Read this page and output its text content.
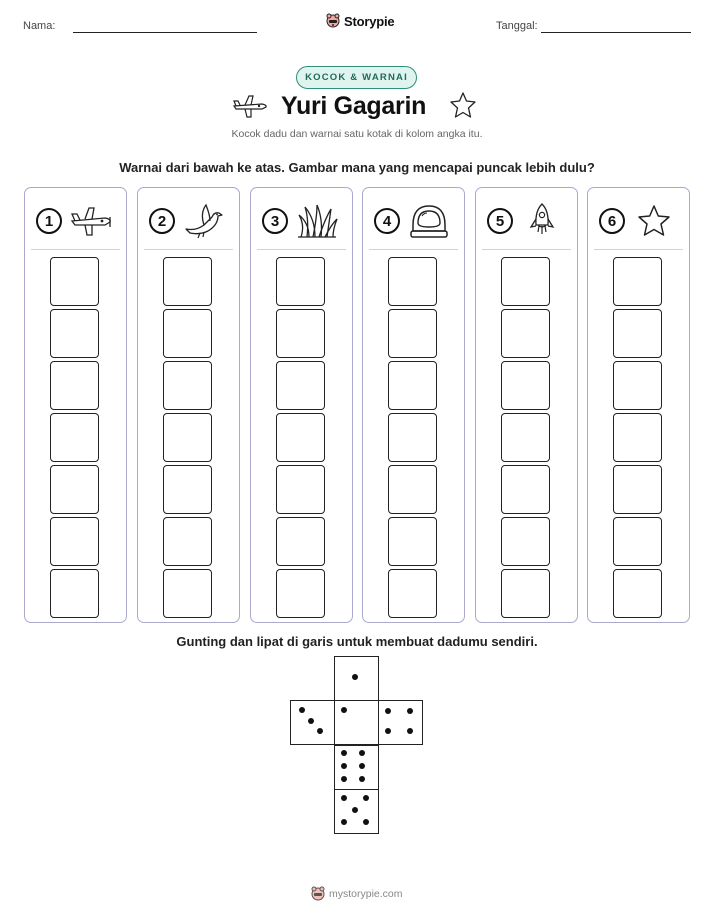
Nama:	Storypie	Tanggal:
KOCOK & WARNAI
Yuri Gagarin
Kocok dadu dan warnai satu kotak di kolom angka itu.
Warnai dari bawah ke atas. Gambar mana yang mencapai puncak lebih dulu?
1	2	3	4	5	6
Gunting dan lipat di garis untuk membuat dadumu sendiri.
mystorypie.com
